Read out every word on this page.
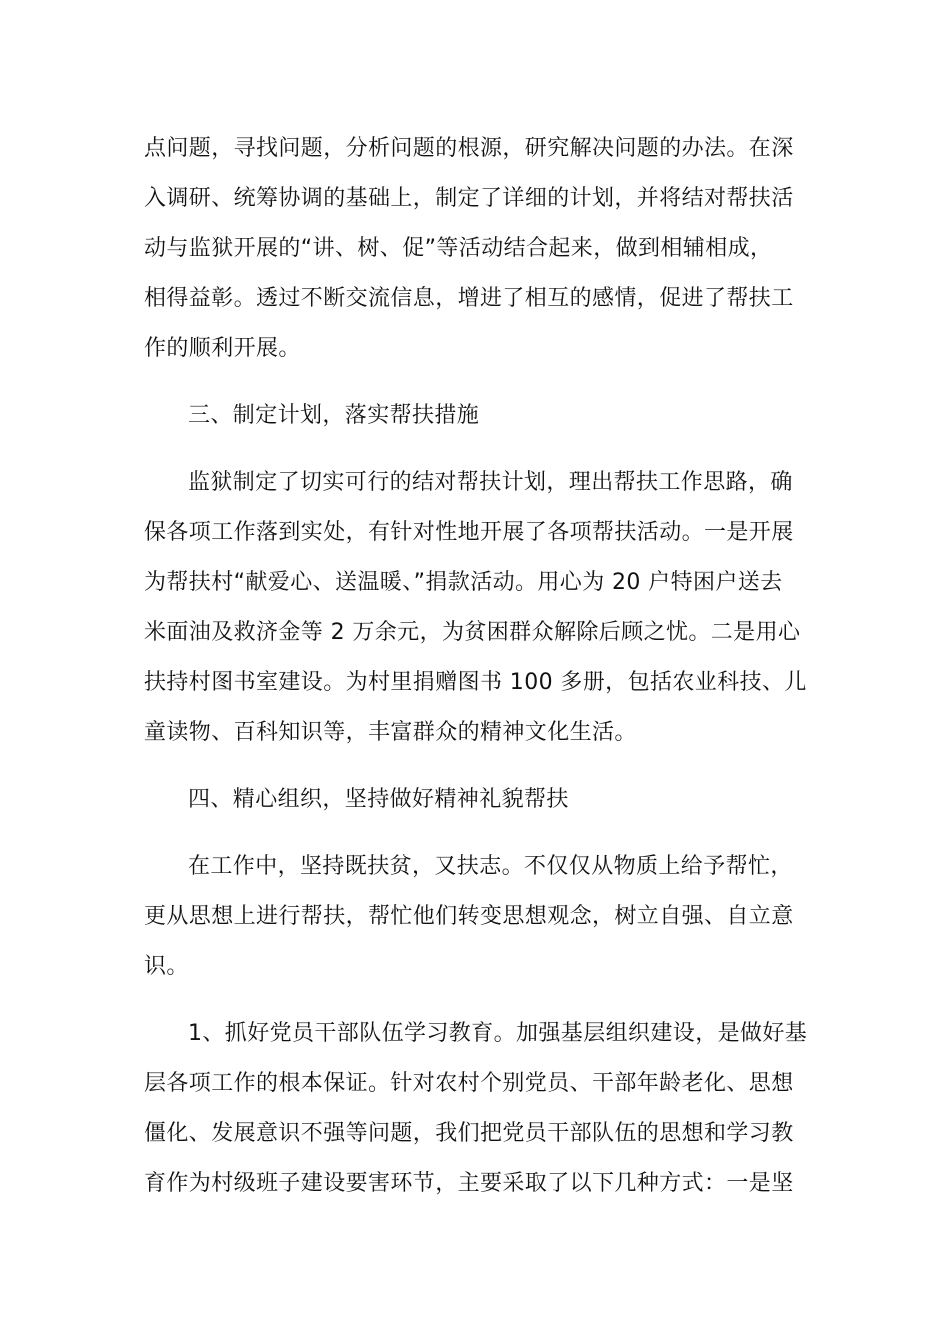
点问题，寻找问题，分析问题的根源，研究解决问题的办法。在深
入调研、统筹协调的基础上，制定了详细的计划，并将结对帮扶活
动与监狱开展的“讲、树、促”等活动结合起来，做到相辅相成，
相得益彰。透过不断交流信息，增进了相互的感情，促进了帮扶工
作的顺利开展。

三、制定计划，落实帮扶措施

监狱制定了切实可行的结对帮扶计划，理出帮扶工作思路，确
保各项工作落到实处，有针对性地开展了各项帮扶活动。一是开展
为帮扶村“献爱心、送温暖、”捐款活动。用心为 20 户特困户送去
米面油及救济金等 2 万余元，为贫困群众解除后顾之忧。二是用心
扶持村图书室建设。为村里捐赠图书 100 多册，包括农业科技、儿
童读物、百科知识等，丰富群众的精神文化生活。

四、精心组织，坚持做好精神礼貌帮扶

在工作中，坚持既扶贫，又扶志。不仅仅从物质上给予帮忙，
更从思想上进行帮扶，帮忙他们转变思想观念，树立自强、自立意
识。

1、抓好党员干部队伍学习教育。加强基层组织建设，是做好基
层各项工作的根本保证。针对农村个别党员、干部年龄老化、思想
僵化、发展意识不强等问题，我们把党员干部队伍的思想和学习教
育作为村级班子建设要害环节，主要采取了以下几种方式：一是坚
